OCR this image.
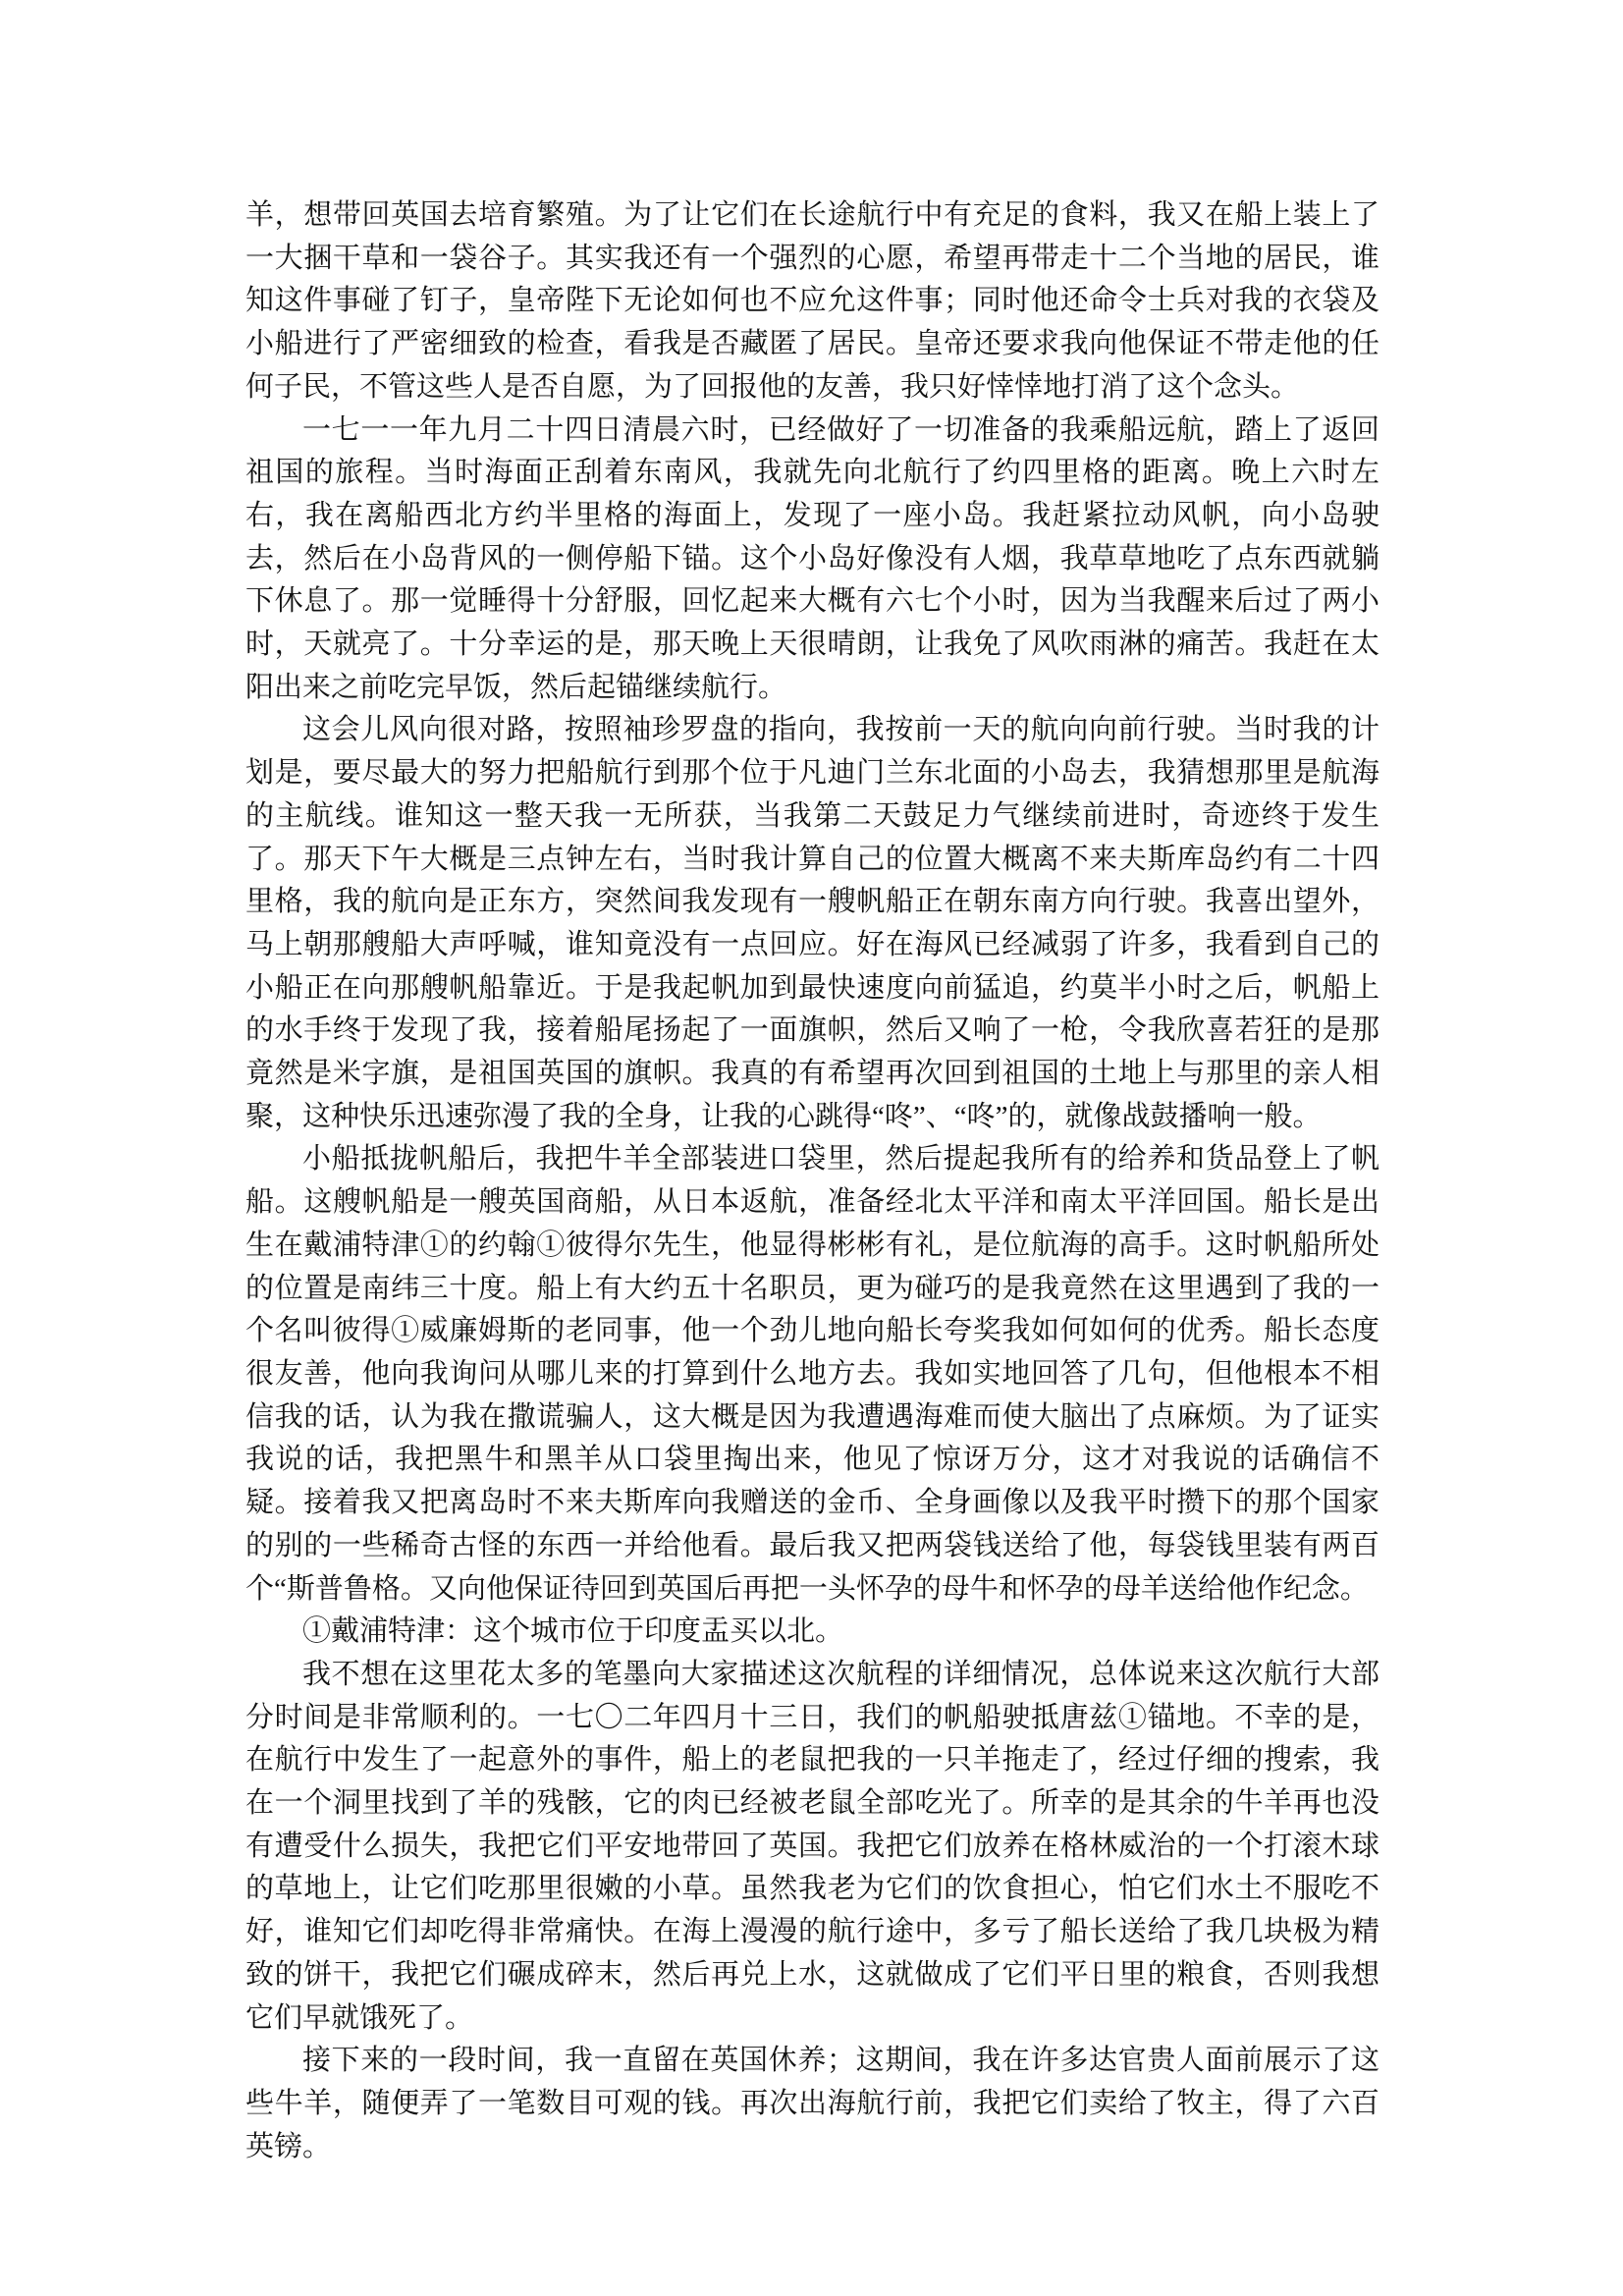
羊，想带回英国去培育繁殖。为了让它们在长途航行中有充足的食料，我又在船上装上了一大捆干草和一袋谷子。其实我还有一个强烈的心愿，希望再带走十二个当地的居民，谁知这件事碰了钉子，皇帝陛下无论如何也不应允这件事；同时他还命令士兵对我的衣袋及小船进行了严密细致的检查，看我是否藏匿了居民。皇帝还要求我向他保证不带走他的任何子民，不管这些人是否自愿，为了回报他的友善，我只好悻悻地打消了这个念头。

一七一一年九月二十四日清晨六时，已经做好了一切准备的我乘船远航，踏上了返回祖国的旅程。当时海面正刮着东南风，我就先向北航行了约四里格的距离。晚上六时左右，我在离船西北方约半里格的海面上，发现了一座小岛。我赶紧拉动风帆，向小岛驶去，然后在小岛背风的一侧停船下锚。这个小岛好像没有人烟，我草草地吃了点东西就躺下休息了。那一觉睡得十分舒服，回忆起来大概有六七个小时，因为当我醒来后过了两小时，天就亮了。十分幸运的是，那天晚上天很晴朗，让我免了风吹雨淋的痛苦。我赶在太阳出来之前吃完早饭，然后起锚继续航行。

这会儿风向很对路，按照袖珍罗盘的指向，我按前一天的航向向前行驶。当时我的计划是，要尽最大的努力把船航行到那个位于凡迪门兰东北面的小岛去，我猜想那里是航海的主航线。谁知这一整天我一无所获，当我第二天鼓足力气继续前进时，奇迹终于发生了。那天下午大概是三点钟左右，当时我计算自己的位置大概离不来夫斯库岛约有二十四里格，我的航向是正东方，突然间我发现有一艘帆船正在朝东南方向行驶。我喜出望外，马上朝那艘船大声呼喊，谁知竟没有一点回应。好在海风已经减弱了许多，我看到自己的小船正在向那艘帆船靠近。于是我起帆加到最快速度向前猛追，约莫半小时之后，帆船上的水手终于发现了我，接着船尾扬起了一面旗帜，然后又响了一枪，令我欣喜若狂的是那竟然是米字旗，是祖国英国的旗帜。我真的有希望再次回到祖国的土地上与那里的亲人相聚，这种快乐迅速弥漫了我的全身，让我的心跳得“咚”、“咚”的，就像战鼓播响一般。

小船抵拢帆船后，我把牛羊全部装进口袋里，然后提起我所有的给养和货品登上了帆船。这艘帆船是一艘英国商船，从日本返航，准备经北太平洋和南太平洋回国。船长是出生在戴浦特津①的约翰①彼得尔先生，他显得彬彬有礼，是位航海的高手。这时帆船所处的位置是南纬三十度。船上有大约五十名职员，更为碰巧的是我竟然在这里遇到了我的一个名叫彼得①威廉姆斯的老同事，他一个劲儿地向船长夸奖我如何如何的优秀。船长态度很友善，他向我询问从哪儿来的打算到什么地方去。我如实地回答了几句，但他根本不相信我的话，认为我在撒谎骗人，这大概是因为我遭遇海难而使大脑出了点麻烦。为了证实我说的话，我把黑牛和黑羊从口袋里掏出来，他见了惊讶万分，这才对我说的话确信不疑。接着我又把离岛时不来夫斯库向我赠送的金币、全身画像以及我平时攒下的那个国家的别的一些稀奇古怪的东西一并给他看。最后我又把两袋钱送给了他，每袋钱里装有两百个“斯普鲁格。又向他保证待回到英国后再把一头怀孕的母牛和怀孕的母羊送给他作纪念。

①戴浦特津：这个城市位于印度盂买以北。

我不想在这里花太多的笔墨向大家描述这次航程的详细情况，总体说来这次航行大部分时间是非常顺利的。一七〇二年四月十三日，我们的帆船驶抵唐兹①锚地。不幸的是，在航行中发生了一起意外的事件，船上的老鼠把我的一只羊拖走了，经过仔细的搜索，我在一个洞里找到了羊的残骸，它的肉已经被老鼠全部吃光了。所幸的是其余的牛羊再也没有遭受什么损失，我把它们平安地带回了英国。我把它们放养在格林威治的一个打滚木球的草地上，让它们吃那里很嫩的小草。虽然我老为它们的饮食担心，怕它们水土不服吃不好，谁知它们却吃得非常痛快。在海上漫漫的航行途中，多亏了船长送给了我几块极为精致的饼干，我把它们碾成碎末，然后再兑上水，这就做成了它们平日里的粮食，否则我想它们早就饿死了。

接下来的一段时间，我一直留在英国休养；这期间，我在许多达官贵人面前展示了这些牛羊，随便弄了一笔数目可观的钱。再次出海航行前，我把它们卖给了牧主，得了六百英镑。
